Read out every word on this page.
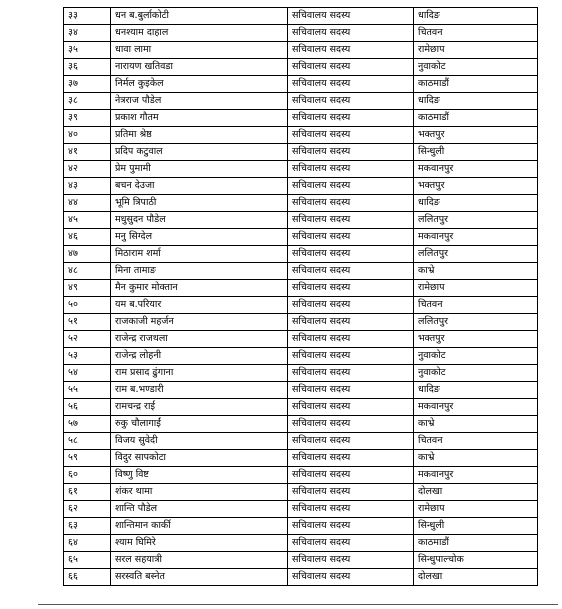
३३	धन ब.बुर्लाकोटी	सचिवालय सदस्य	धादिङ
३४	धनश्याम दाहाल	सचिवालय सदस्य	चितवन
३५	धावा लामा	सचिवालय सदस्य	रामेछाप
३६	नारायण खतिवडा	सचिवालय सदस्य	नुवाकोट
३७	निर्मल कुइकेल	सचिवालय सदस्य	काठमाडौं
३८	नेत्रराज पौडेल	सचिवालय सदस्य	धादिङ
३९	प्रकाश गौतम	सचिवालय सदस्य	काठमाडौं
४०	प्रतिमा श्रेष्ठ	सचिवालय सदस्य	भक्तपुर
४१	प्रदिप कटुवाल	सचिवालय सदस्य	सिन्धुली
४२	प्रेम पुमामी	सचिवालय सदस्य	मकवानपुर
४३	बचन देउजा	सचिवालय सदस्य	भक्तपुर
४४	भूमि त्रिपाठी	सचिवालय सदस्य	धादिङ
४५	मधुसुदन पौडेल	सचिवालय सदस्य	ललितपुर
४६	मनु सिग्देल	सचिवालय सदस्य	मकवानपुर
४७	मिठाराम शर्मा	सचिवालय सदस्य	ललितपुर
४८	मिना तामाङ	सचिवालय सदस्य	काभ्रे
४९	मैन कुमार मोक्तान	सचिवालय सदस्य	रामेछाप
५०	यम ब.परियार	सचिवालय सदस्य	चितवन
५१	राजकाजी महर्जन	सचिवालय सदस्य	ललितपुर
५२	राजेन्द्र राजथला	सचिवालय सदस्य	भक्तपुर
५३	राजेन्द्र लोहनी	सचिवालय सदस्य	नुवाकोट
५४	राम प्रसाद ढुंगाना	सचिवालय सदस्य	नुवाकोट
५५	राम ब.भण्डारी	सचिवालय सदस्य	धादिङ
५६	रामचन्द्र राई	सचिवालय सदस्य	मकवानपुर
५७	रुकु चौलागाईं	सचिवालय सदस्य	काभ्रे
५८	विजय सुवेदी	सचिवालय सदस्य	चितवन
५९	विदुर सापकोटा	सचिवालय सदस्य	काभ्रे
६०	विष्णु विष्ट	सचिवालय सदस्य	मकवानपुर
६१	शंकर थामा	सचिवालय सदस्य	दोलखा
६२	शान्ति पौडेल	सचिवालय सदस्य	रामेछाप
६३	शान्तिमान कार्की	सचिवालय सदस्य	सिन्धुली
६४	श्याम घिमिरे	सचिवालय सदस्य	काठमाडौं
६५	सरल सहयात्री	सचिवालय सदस्य	सिन्धुपाल्चोक
६६	सरस्वति बस्नेत	सचिवालय सदस्य	दोलखा
